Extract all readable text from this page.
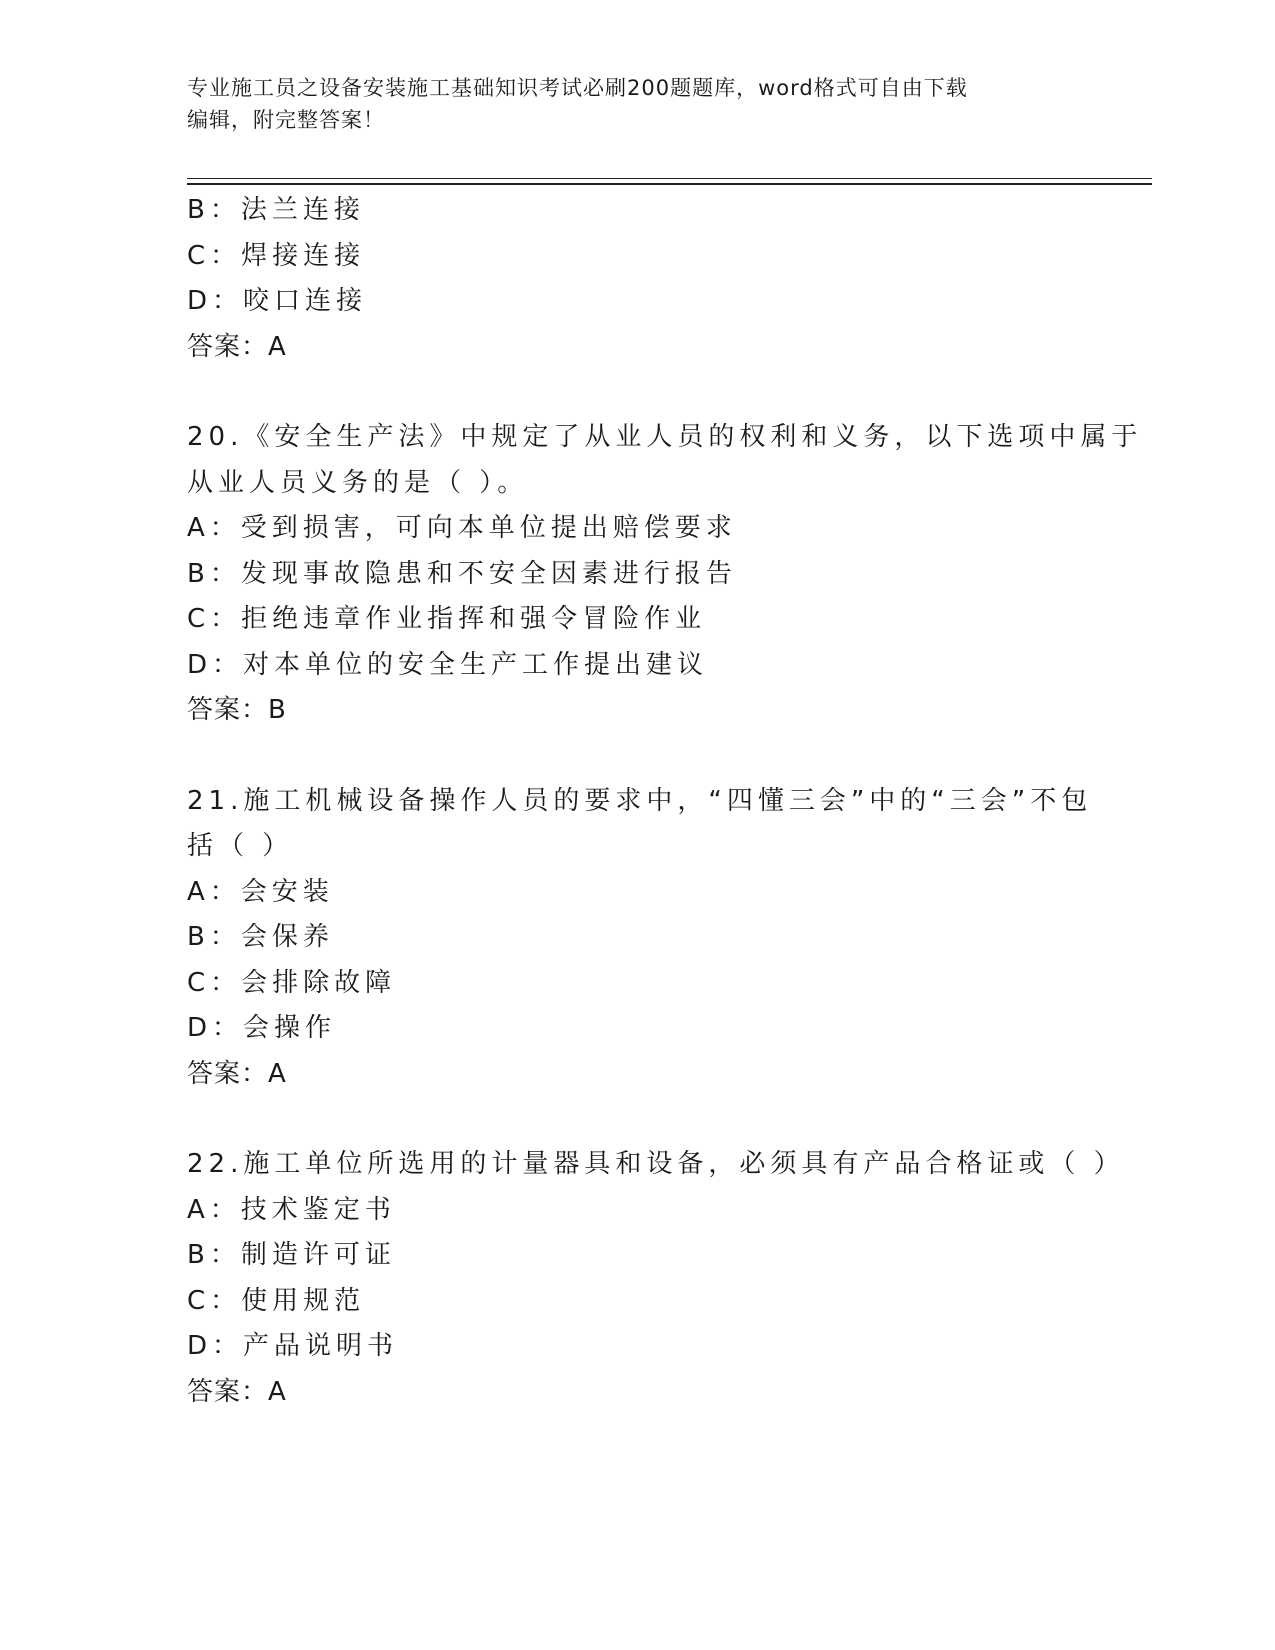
专业施工员之设备安装施工基础知识考试必刷200题题库，word格式可自由下载
编辑，附完整答案！
B：法兰连接
C：焊接连接
D：咬口连接
答案：A
20.《安全生产法》中规定了从业人员的权利和义务，以下选项中属于
从业人员义务的是（ ）。
A：受到损害，可向本单位提出赔偿要求
B：发现事故隐患和不安全因素进行报告
C：拒绝违章作业指挥和强令冒险作业
D：对本单位的安全生产工作提出建议
答案：B
21.施工机械设备操作人员的要求中，“四懂三会”中的“三会”不包
括（ ）
A：会安装
B：会保养
C：会排除故障
D：会操作
答案：A
22.施工单位所选用的计量器具和设备，必须具有产品合格证或（ ）
A：技术鉴定书
B：制造许可证
C：使用规范
D：产品说明书
答案：A
